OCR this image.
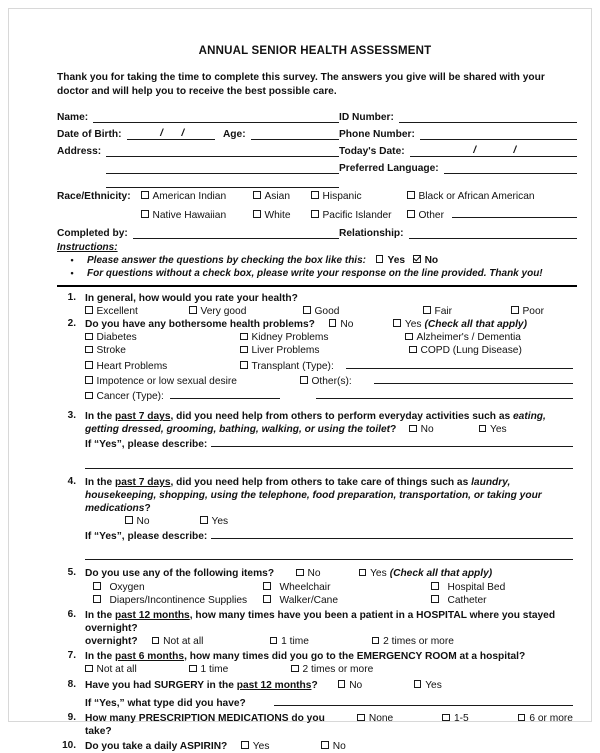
ANNUAL SENIOR HEALTH ASSESSMENT
Thank you for taking the time to complete this survey. The answers you give will be shared with your doctor and will help you to receive the best possible care.
Name:	ID Number:
Date of Birth: / /	Age:	Phone Number:
Address:	Today's Date:
/ /
Preferred Language:
Race/Ethnicity:	American Indian	Asian	Hispanic	Black or African American
Native Hawaiian	White	Pacific Islander	Other
Completed by:	Relationship:
Instructions:
•	Please answer the questions by checking the box like this: Yes No
•	For questions without a check box, please write your response on the line provided. Thank you!
1. In general, how would you rate your health?
Excellent	Very good	Good	Fair	Poor
2. Do you have any bothersome health problems?	No	Yes (Check all that apply)
Diabetes	Kidney Problems	Alzheimer's / Dementia
Stroke	Liver Problems	COPD (Lung Disease)
Heart Problems	Transplant (Type):
Impotence or low sexual desire	Other(s):
Cancer (Type):
3. In the past 7 days, did you need help from others to perform everyday activities such as eating, getting dressed, grooming, bathing, walking, or using the toilet? No
	Yes
If “Yes”, please describe:
4. In the past 7 days, did you need help from others to take care of things such as laundry, housekeeping, shopping, using the telephone, food preparation, transportation, or taking your medications?
No	Yes
If “Yes”, please describe:
5. Do you use any of the following items?	No	Yes (Check all that apply)
Oxygen	Wheelchair	Hospital Bed
Diapers/Incontinence Supplies	Walker/Cane	Catheter
6. In the past 12 months, how many times have you been a patient in a HOSPITAL where you stayed overnight?
overnight?	Not at all	1 time	2 times or more
7. In the past 6 months, how many times did you go to the EMERGENCY ROOM at a hospital?
Not at all	1 time	2 times or more
8. Have you had SURGERY in the past 12 months?	No	Yes
If “Yes,” what type did you have?
9. How many PRESCRIPTION MEDICATIONS do you take?
None	1-5	6 or more
10. Do you take a daily ASPIRIN?	Yes	No
